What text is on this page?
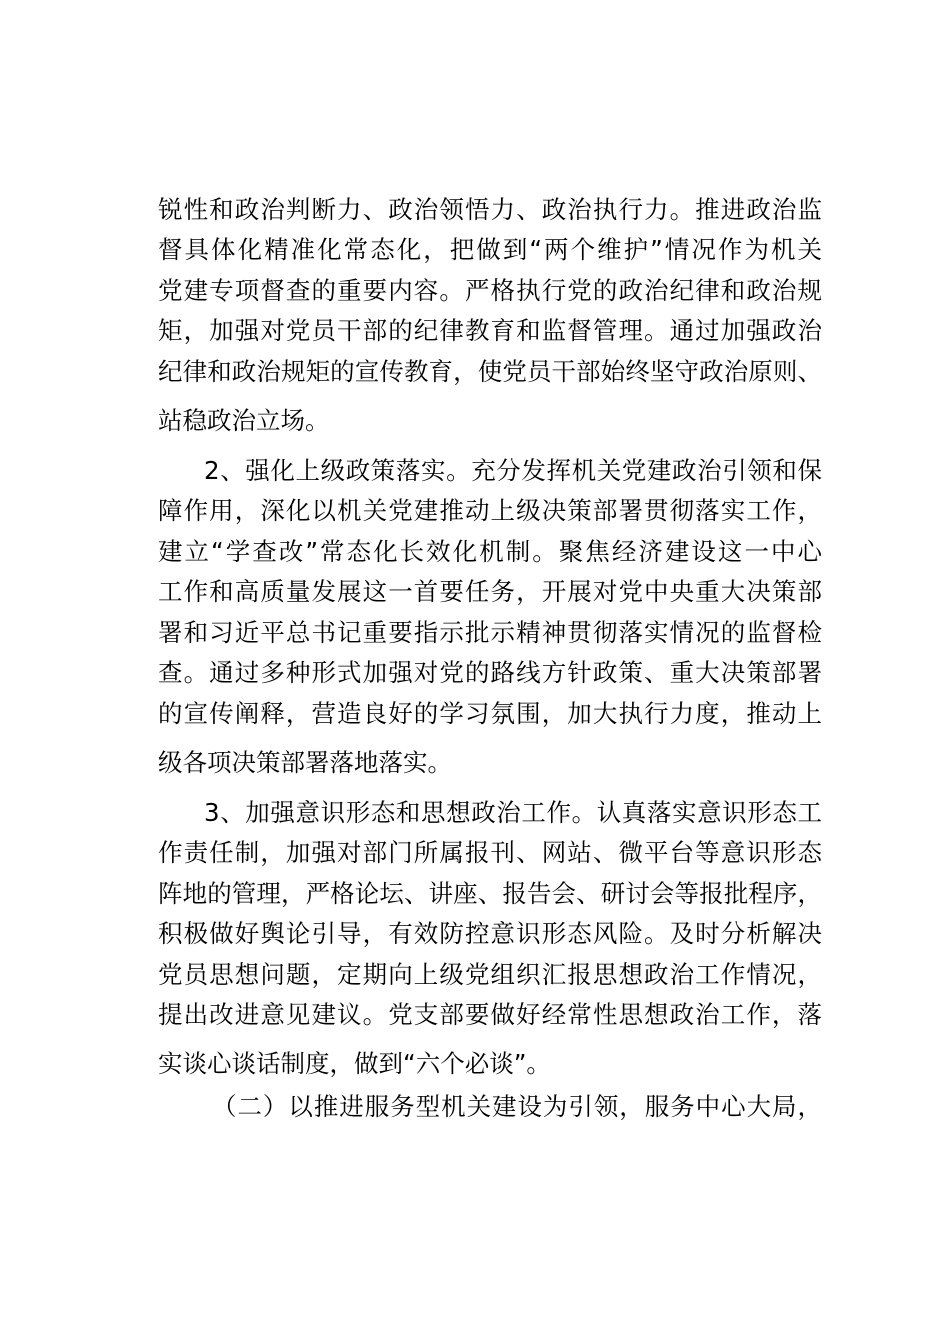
锐性和政治判断力、政治领悟力、政治执行力。推进政治监

督具体化精准化常态化，把做到“两个维护”情况作为机关

党建专项督查的重要内容。严格执行党的政治纪律和政治规

矩，加强对党员干部的纪律教育和监督管理。通过加强政治

纪律和政治规矩的宣传教育，使党员干部始终坚守政治原则、

站稳政治立场。

2、强化上级政策落实。充分发挥机关党建政治引领和保

障作用，深化以机关党建推动上级决策部署贯彻落实工作，

建立“学查改”常态化长效化机制。聚焦经济建设这一中心

工作和高质量发展这一首要任务，开展对党中央重大决策部

署和习近平总书记重要指示批示精神贯彻落实情况的监督检

查。通过多种形式加强对党的路线方针政策、重大决策部署

的宣传阐释，营造良好的学习氛围，加大执行力度，推动上

级各项决策部署落地落实。

3、加强意识形态和思想政治工作。认真落实意识形态工

作责任制，加强对部门所属报刊、网站、微平台等意识形态

阵地的管理，严格论坛、讲座、报告会、研讨会等报批程序，

积极做好舆论引导，有效防控意识形态风险。及时分析解决

党员思想问题，定期向上级党组织汇报思想政治工作情况，

提出改进意见建议。党支部要做好经常性思想政治工作，落

实谈心谈话制度，做到“六个必谈”。

（二）以推进服务型机关建设为引领，服务中心大局，
